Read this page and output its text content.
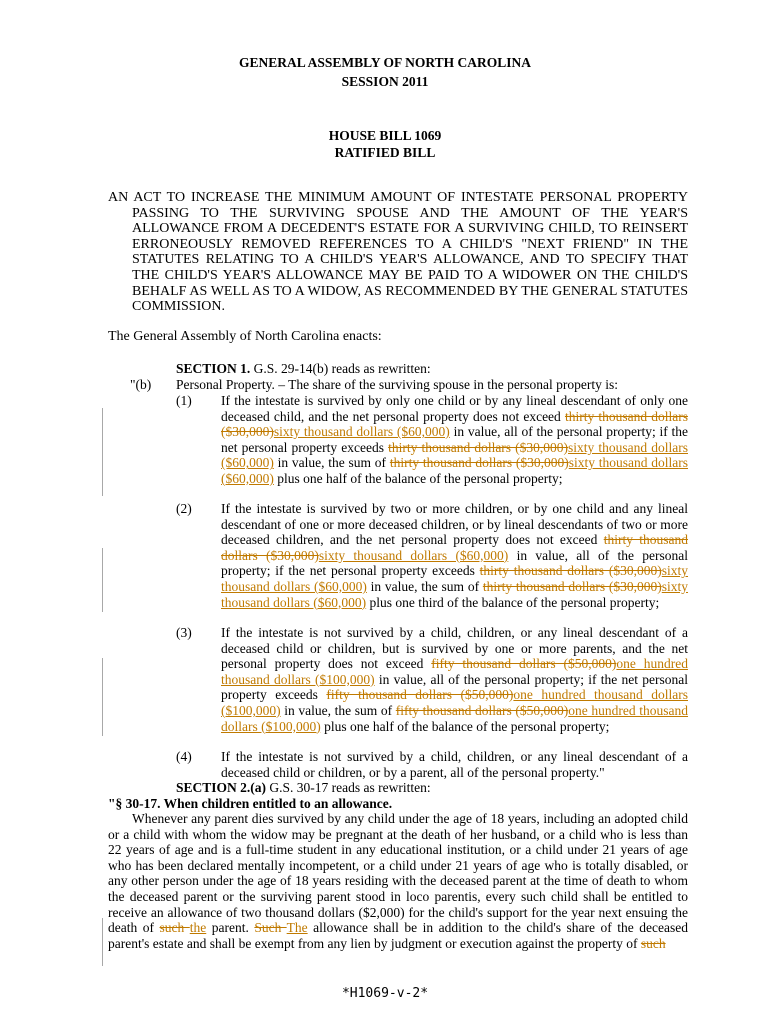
GENERAL ASSEMBLY OF NORTH CAROLINA
SESSION 2011
HOUSE BILL 1069
RATIFIED BILL

AN ACT TO INCREASE THE MINIMUM AMOUNT OF INTESTATE PERSONAL PROPERTY PASSING TO THE SURVIVING SPOUSE AND THE AMOUNT OF THE YEAR'S ALLOWANCE FROM A DECEDENT'S ESTATE FOR A SURVIVING CHILD, TO REINSERT ERRONEOUSLY REMOVED REFERENCES TO A CHILD'S "NEXT FRIEND" IN THE STATUTES RELATING TO A CHILD'S YEAR'S ALLOWANCE, AND TO SPECIFY THAT THE CHILD'S YEAR'S ALLOWANCE MAY BE PAID TO A WIDOWER ON THE CHILD'S BEHALF AS WELL AS TO A WIDOW, AS RECOMMENDED BY THE GENERAL STATUTES COMMISSION.

The General Assembly of North Carolina enacts:
SECTION 1. G.S. 29-14(b) reads as rewritten:
"(b) Personal Property. – The share of the surviving spouse in the personal property is:
(1) If the intestate is survived by only one child or by any lineal descendant of only one deceased child, and the net personal property does not exceed thirty thousand dollars ($30,000)sixty thousand dollars ($60,000) in value, all of the personal property; if the net personal property exceeds thirty thousand dollars ($30,000)sixty thousand dollars ($60,000) in value, the sum of thirty thousand dollars ($30,000)sixty thousand dollars ($60,000) plus one half of the balance of the personal property;
(2) If the intestate is survived by two or more children, or by one child and any lineal descendant of one or more deceased children, or by lineal descendants of two or more deceased children, and the net personal property does not exceed thirty thousand dollars ($30,000)sixty thousand dollars ($60,000) in value, all of the personal property; if the net personal property exceeds thirty thousand dollars ($30,000)sixty thousand dollars ($60,000) in value, the sum of thirty thousand dollars ($30,000)sixty thousand dollars ($60,000) plus one third of the balance of the personal property;
(3) If the intestate is not survived by a child, children, or any lineal descendant of a deceased child or children, but is survived by one or more parents, and the net personal property does not exceed fifty thousand dollars ($50,000)one hundred thousand dollars ($100,000) in value, all of the personal property; if the net personal property exceeds fifty thousand dollars ($50,000)one hundred thousand dollars ($100,000) in value, the sum of fifty thousand dollars ($50,000)one hundred thousand dollars ($100,000) plus one half of the balance of the personal property;
(4) If the intestate is not survived by a child, children, or any lineal descendant of a deceased child or children, or by a parent, all of the personal property."
SECTION 2.(a) G.S. 30-17 reads as rewritten:
"§ 30-17. When children entitled to an allowance.
Whenever any parent dies survived by any child under the age of 18 years, including an adopted child or a child with whom the widow may be pregnant at the death of her husband, or a child who is less than 22 years of age and is a full-time student in any educational institution, or a child under 21 years of age who has been declared mentally incompetent, or a child under 21 years of age who is totally disabled, or any other person under the age of 18 years residing with the deceased parent at the time of death to whom the deceased parent or the surviving parent stood in loco parentis, every such child shall be entitled to receive an allowance of two thousand dollars ($2,000) for the child's support for the year next ensuing the death of such the parent. Such The allowance shall be in addition to the child's share of the deceased parent's estate and shall be exempt from any lien by judgment or execution against the property of such
*H1069-v-2*
